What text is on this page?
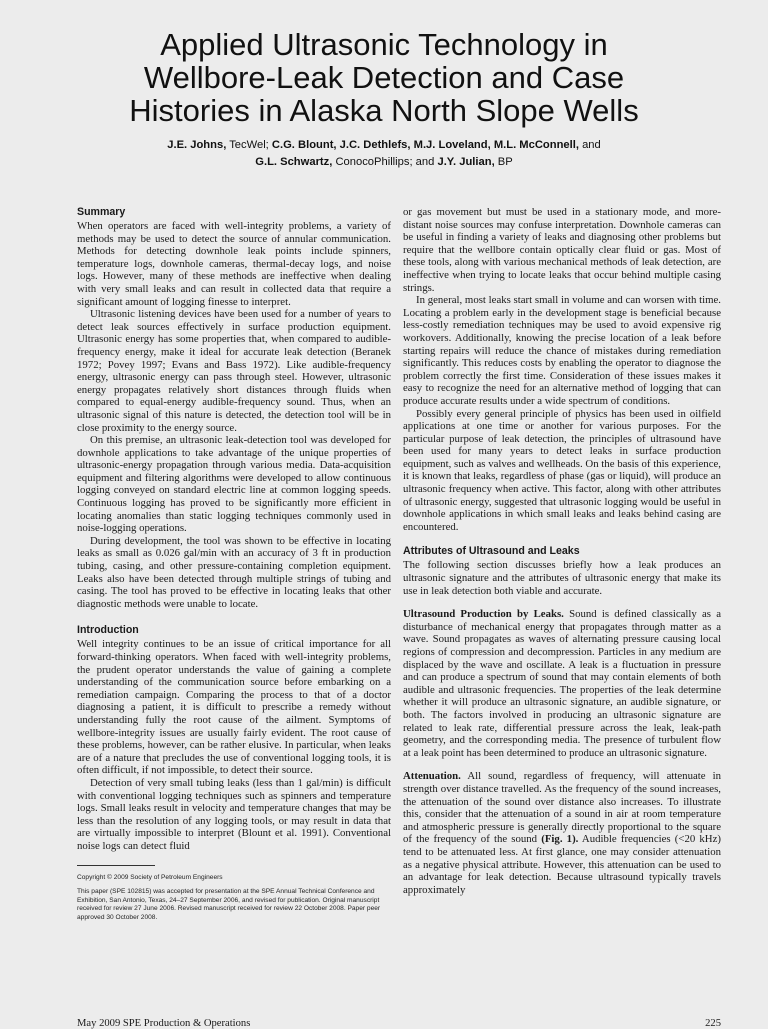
Applied Ultrasonic Technology in
Wellbore-Leak Detection and Case
Histories in Alaska North Slope Wells
J.E. Johns, TecWel; C.G. Blount, J.C. Dethlefs, M.J. Loveland, M.L. McConnell, and
G.L. Schwartz, ConocoPhillips; and J.Y. Julian, BP
Summary

When operators are faced with well-integrity problems, a variety of methods may be used to detect the source of annular communication. Methods for detecting downhole leak points include spinners, temperature logs, downhole cameras, thermal-decay logs, and noise logs. However, many of these methods are ineffective when dealing with very small leaks and can result in collected data that require a significant amount of logging finesse to interpret.

Ultrasonic listening devices have been used for a number of years to detect leak sources effectively in surface production equipment. Ultrasonic energy has some properties that, when compared to audible-frequency energy, make it ideal for accurate leak detection (Beranek 1972; Povey 1997; Evans and Bass 1972). Like audible-frequency energy, ultrasonic energy can pass through steel. However, ultrasonic energy propagates relatively short distances through fluids when compared to equal-energy audible-frequency sound. Thus, when an ultrasonic signal of this nature is detected, the detection tool will be in close proximity to the energy source.

On this premise, an ultrasonic leak-detection tool was developed for downhole applications to take advantage of the unique properties of ultrasonic-energy propagation through various media. Data-acquisition equipment and filtering algorithms were developed to allow continuous logging conveyed on standard electric line at common logging speeds. Continuous logging has proved to be significantly more efficient in locating anomalies than static logging techniques commonly used in noise-logging operations.

During development, the tool was shown to be effective in locating leaks as small as 0.026 gal/min with an accuracy of 3 ft in production tubing, casing, and other pressure-containing completion equipment. Leaks also have been detected through multiple strings of tubing and casing. The tool has proved to be effective in locating leaks that other diagnostic methods were unable to locate.

Introduction

Well integrity continues to be an issue of critical importance for all forward-thinking operators. When faced with well-integrity problems, the prudent operator understands the value of gaining a complete understanding of the communication source before embarking on a remediation campaign. Comparing the process to that of a doctor diagnosing a patient, it is difficult to prescribe a remedy without understanding fully the root cause of the ailment. Symptoms of wellbore-integrity issues are usually fairly evident. The root cause of these problems, however, can be rather elusive. In particular, when leaks are of a nature that precludes the use of conventional logging tools, it is often difficult, if not impossible, to detect their source.

Detection of very small tubing leaks (less than 1 gal/min) is difficult with conventional logging techniques such as spinners and temperature logs. Small leaks result in velocity and temperature changes that may be less than the resolution of any logging tools, or may result in data that are virtually impossible to interpret (Blount et al. 1991). Conventional noise logs can detect fluid

Copyright © 2009 Society of Petroleum Engineers

This paper (SPE 102815) was accepted for presentation at the SPE Annual Technical Conference and Exhibition, San Antonio, Texas, 24–27 September 2006, and revised for publication. Original manuscript received for review 27 June 2006. Revised manuscript received for review 22 October 2008. Paper peer approved 30 October 2008.

or gas movement but must be used in a stationary mode, and more-distant noise sources may confuse interpretation. Downhole cameras can be useful in finding a variety of leaks and diagnosing other problems but require that the wellbore contain optically clear fluid or gas. Most of these tools, along with various mechanical methods of leak detection, are ineffective when trying to locate leaks that occur behind multiple casing strings.

In general, most leaks start small in volume and can worsen with time. Locating a problem early in the development stage is beneficial because less-costly remediation techniques may be used to avoid expensive rig workovers. Additionally, knowing the precise location of a leak before starting repairs will reduce the chance of mistakes during remediation significantly. This reduces costs by enabling the operator to diagnose the problem correctly the first time. Consideration of these issues makes it easy to recognize the need for an alternative method of logging that can produce accurate results under a wide spectrum of conditions.

Possibly every general principle of physics has been used in oilfield applications at one time or another for various purposes. For the particular purpose of leak detection, the principles of ultrasound have been used for many years to detect leaks in surface production equipment, such as valves and wellheads. On the basis of this experience, it is known that leaks, regardless of phase (gas or liquid), will produce an ultrasonic frequency when active. This factor, along with other attributes of ultrasonic energy, suggested that ultrasonic logging would be useful in downhole applications in which small leaks and leaks behind casing are encountered.

Attributes of Ultrasound and Leaks

The following section discusses briefly how a leak produces an ultrasonic signature and the attributes of ultrasonic energy that make its use in leak detection both viable and accurate.

Ultrasound Production by Leaks. Sound is defined classically as a disturbance of mechanical energy that propagates through matter as a wave. Sound propagates as waves of alternating pressure causing local regions of compression and decompression. Particles in any medium are displaced by the wave and oscillate. A leak is a fluctuation in pressure and can produce a spectrum of sound that may contain elements of both audible and ultrasonic frequencies. The properties of the leak determine whether it will produce an ultrasonic signature, an audible signature, or both. The factors involved in producing an ultrasonic signature are related to leak rate, differential pressure across the leak, leak-path geometry, and the corresponding media. The presence of turbulent flow at a leak point has been determined to produce an ultrasonic signature.

Attenuation. All sound, regardless of frequency, will attenuate in strength over distance travelled. As the frequency of the sound increases, the attenuation of the sound over distance also increases. To illustrate this, consider that the attenuation of a sound in air at room temperature and atmospheric pressure is generally directly proportional to the square of the frequency of the sound (Fig. 1). Audible frequencies (<20 kHz) tend to be attenuated less. At first glance, one may consider attenuation as a negative physical attribute. However, this attenuation can be used to an advantage for leak detection. Because ultrasound typically travels approximately

May 2009 SPE Production & Operations	225
